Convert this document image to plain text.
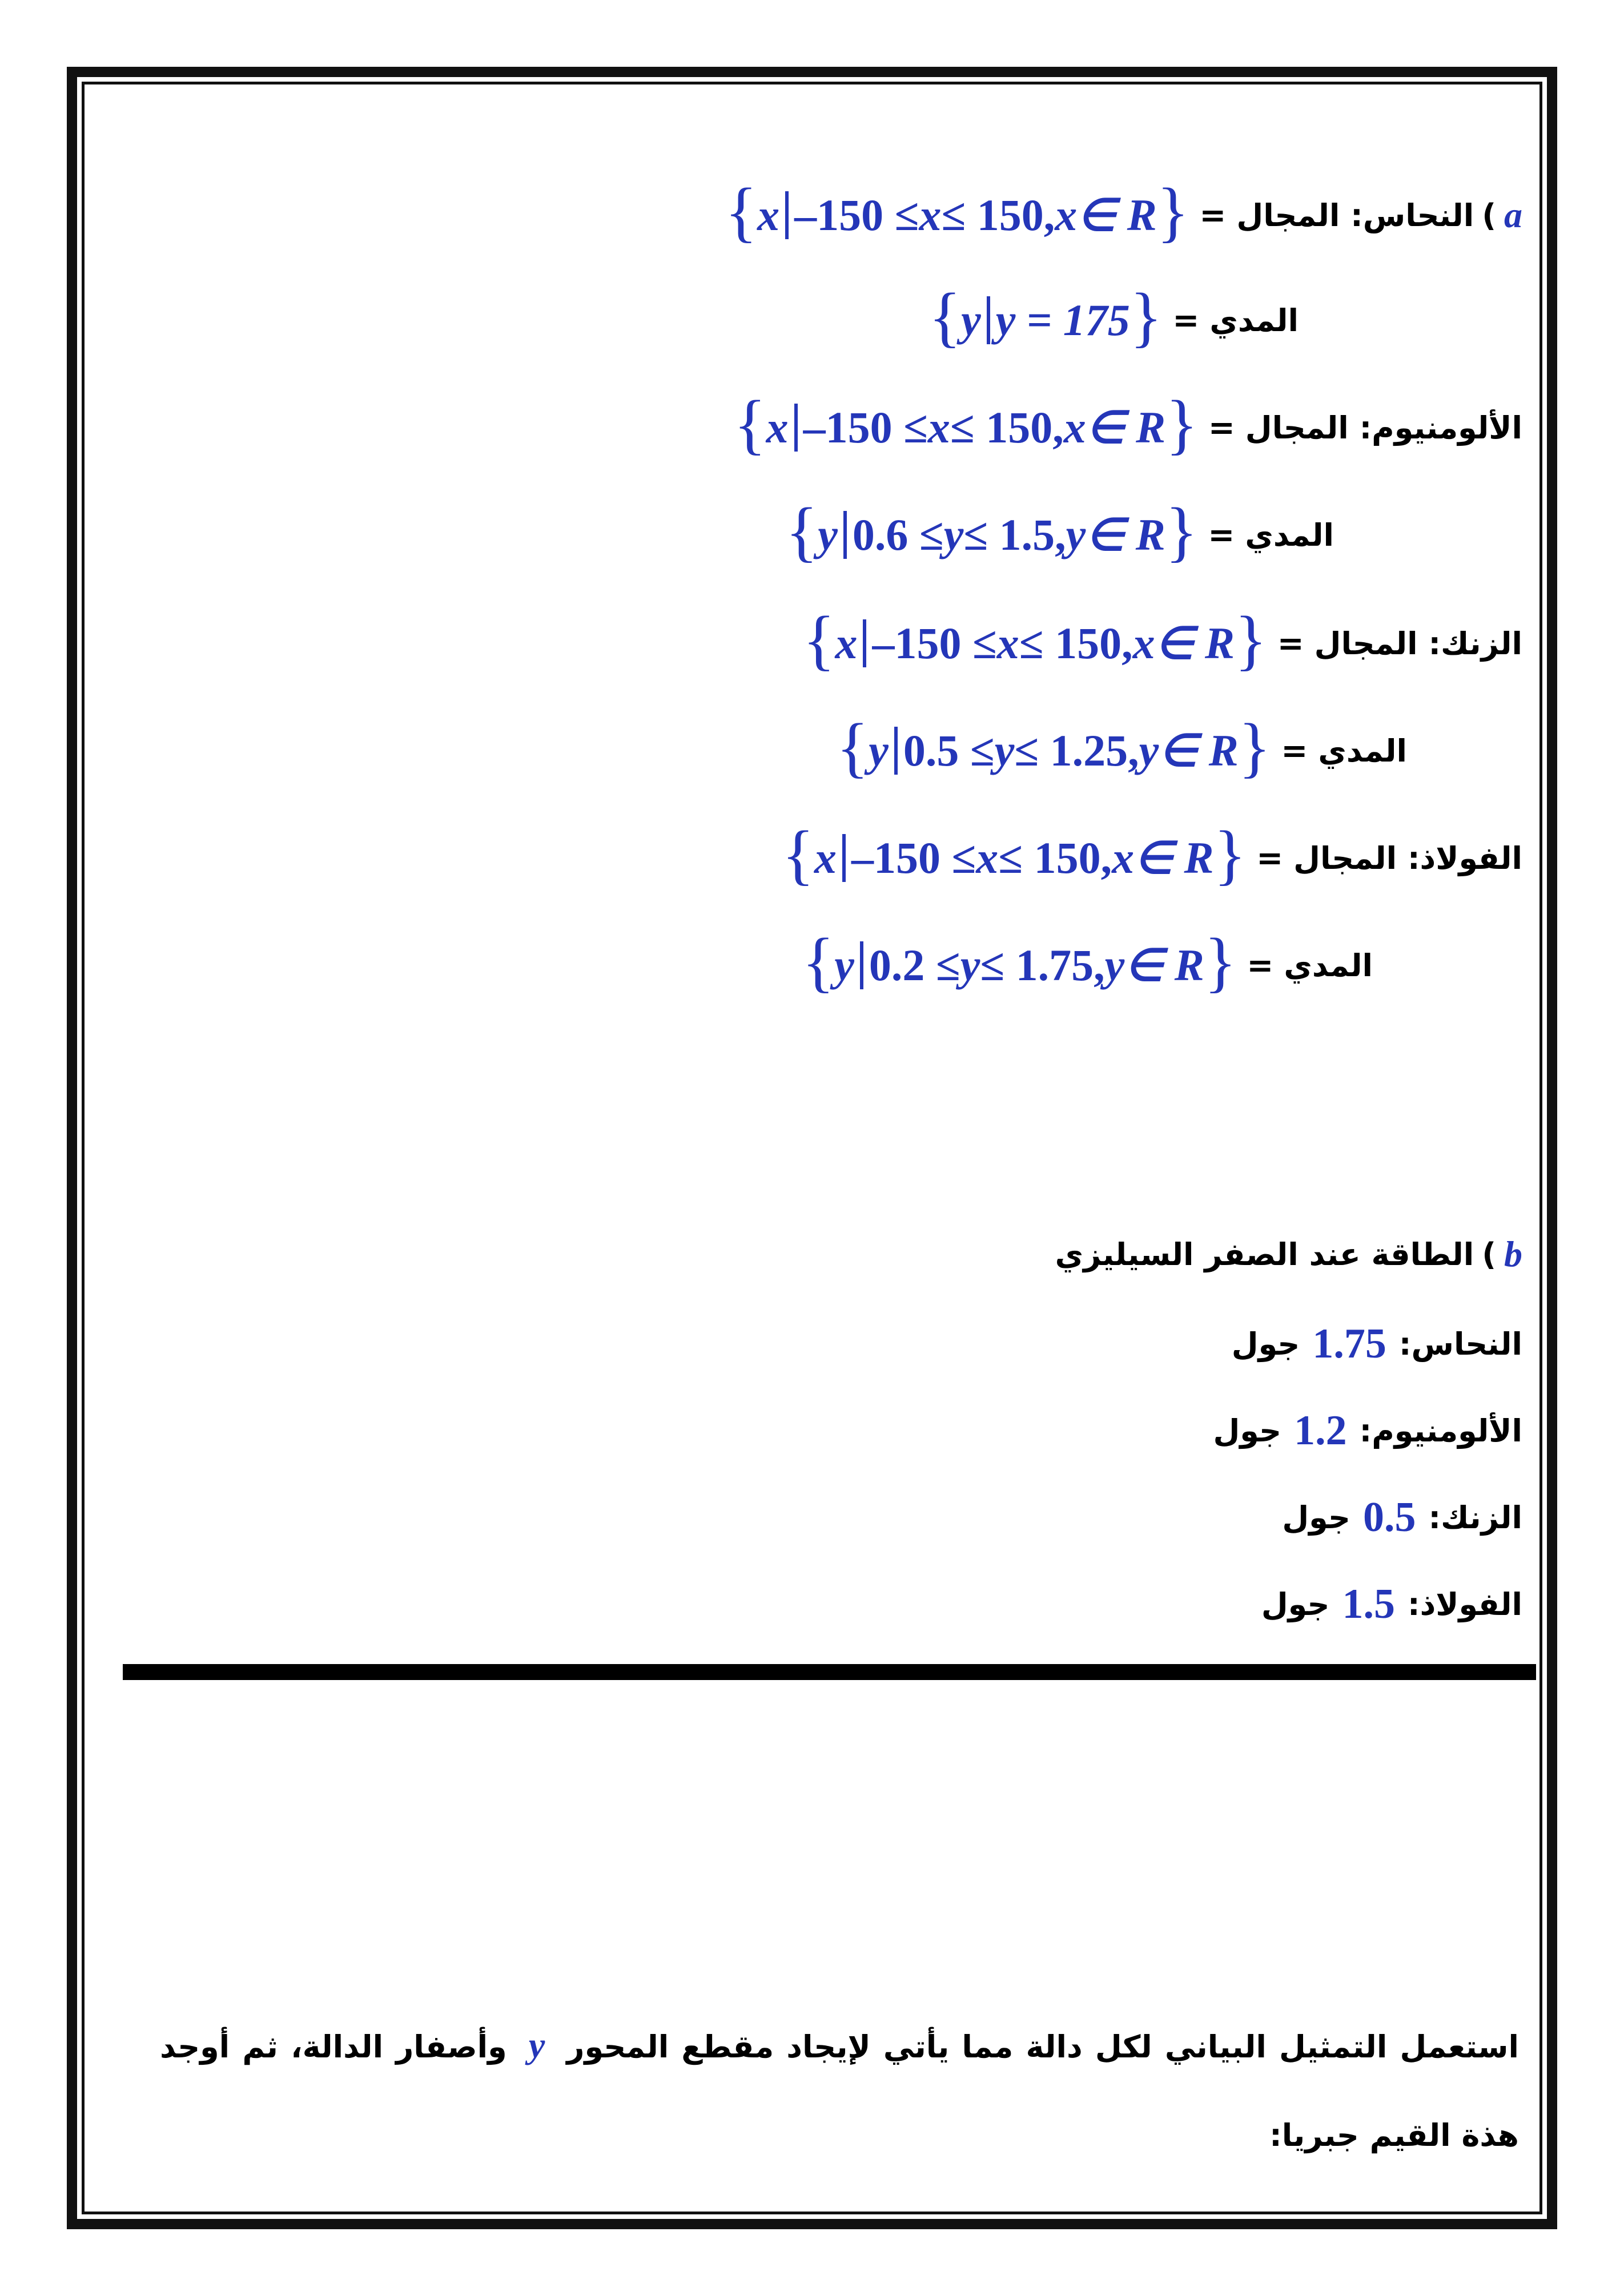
a
)
النحاس: المجال
=
{ x –150 ≤ x ≤ 150, x ∈ R }
المدي
=
{ y y = 175 }
الألومنيوم: المجال
=
{ x –150 ≤ x ≤ 150, x ∈ R }
المدي
=
{ y 0.6 ≤ y ≤ 1.5, y ∈ R }
الزنك: المجال
=
{ x –150 ≤ x ≤ 150, x ∈ R }
المدي
=
{ y 0.5 ≤ y ≤ 1.25, y ∈ R }
الفولاذ: المجال
=
{ x –150 ≤ x ≤ 150, x ∈ R }
المدي
=
{ y 0.2 ≤ y ≤ 1.75, y ∈ R }
b
)
الطاقة عند الصفر السيليزي
النحاس:
1.75
جول
الألومنيوم:
1.2
جول
الزنك:
0.5
جول
الفولاذ:
1.5
جول
استعمل التمثيل البياني لكل دالة مما يأتي لإيجاد مقطع المحور y وأصفار الدالة، ثم أوجد هذة القيم جبريا:
